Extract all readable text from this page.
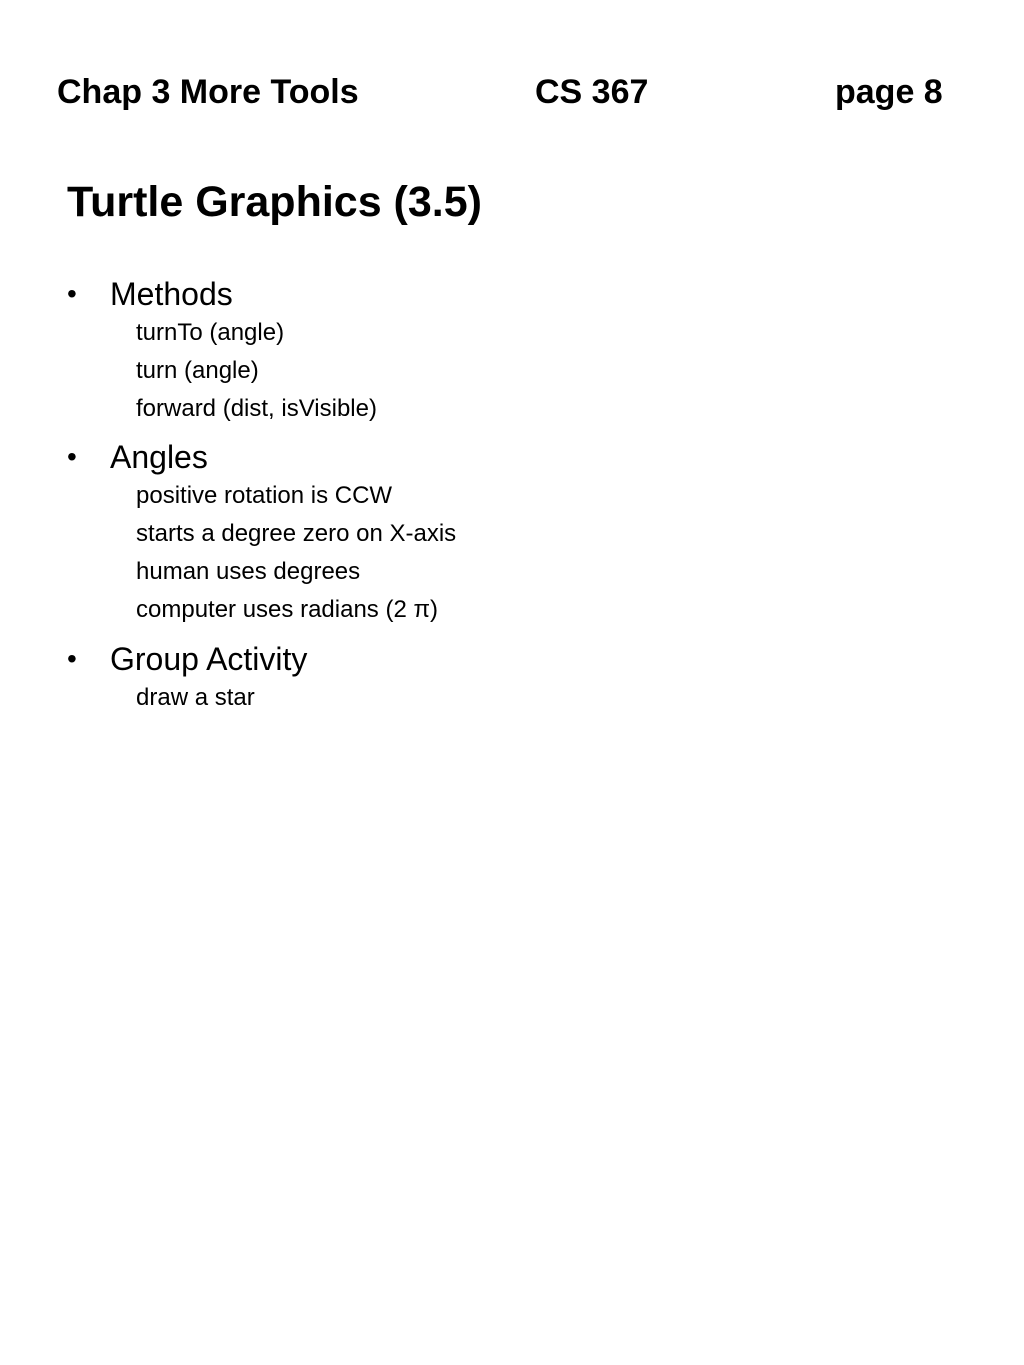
Chap 3 More Tools	CS 367	page 8
Turtle Graphics (3.5)
• Methods
turnTo (angle)
turn (angle)
forward (dist, isVisible)
• Angles
positive rotation is CCW
starts a degree zero on X-axis
human uses degrees
computer uses radians (2 π)
• Group Activity
draw a star
